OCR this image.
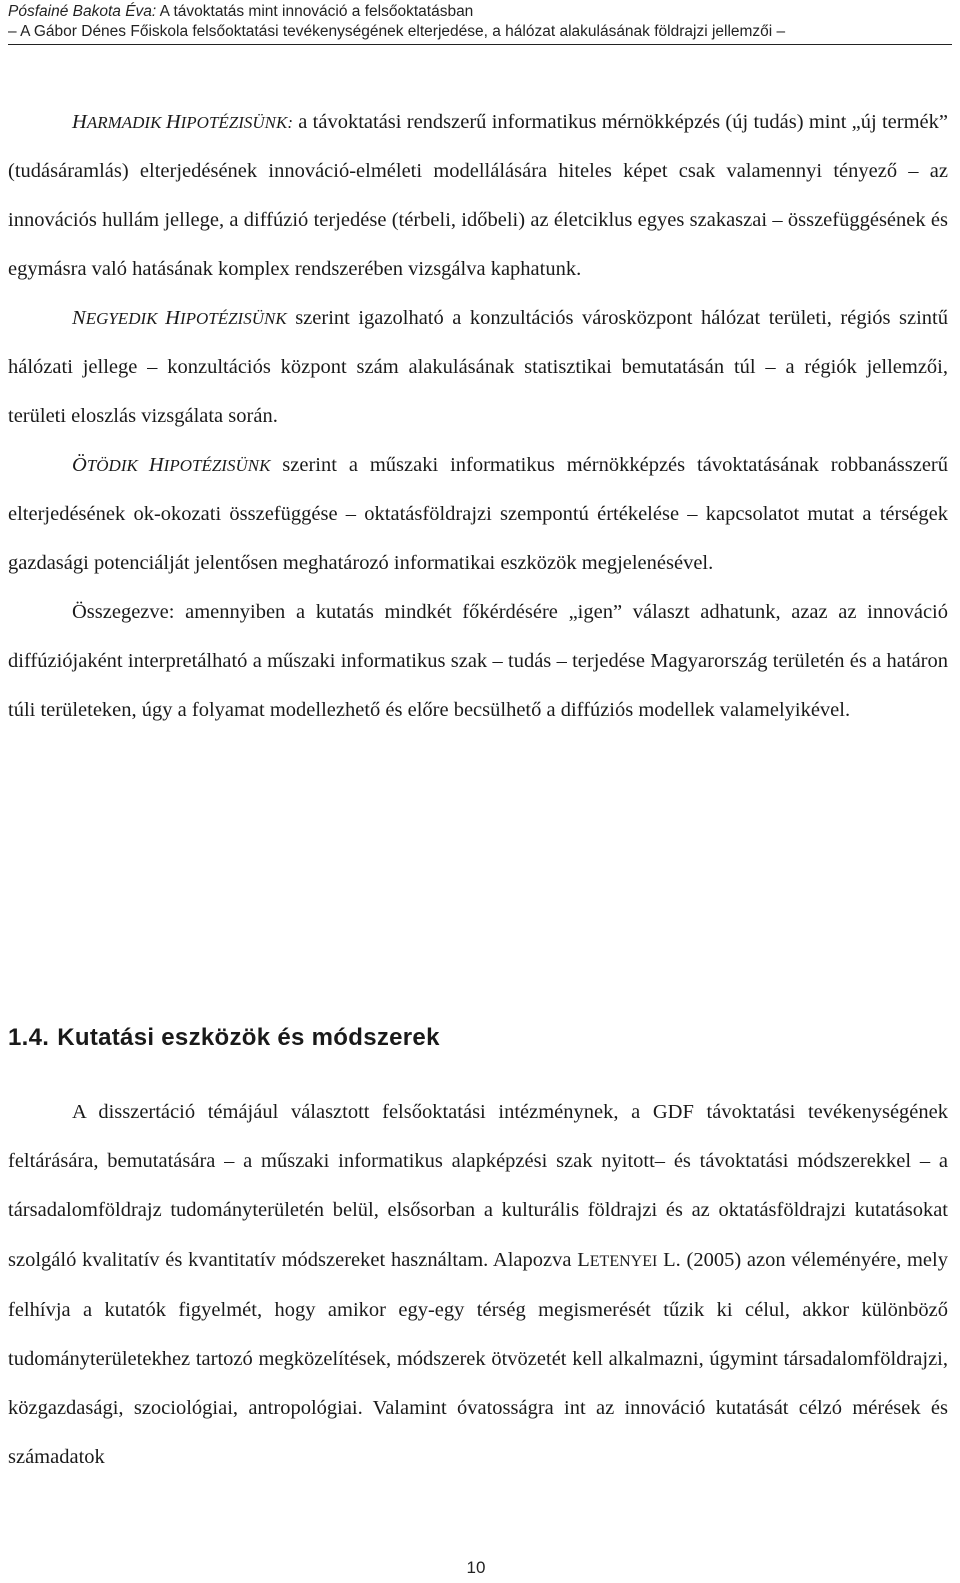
Pósfainé Bakota Éva: A távoktatás mint innováció a felsőoktatásban
– A Gábor Dénes Főiskola felsőoktatási tevékenységének elterjedése, a hálózat alakulásának földrajzi jellemzői –

HARMADIK HIPOTÉZISÜNK: a távoktatási rendszerű informatikus mérnökképzés (új tudás) mint „új termék” (tudásáramlás) elterjedésének innováció-elméleti modellálására hiteles képet csak valamennyi tényező – az innovációs hullám jellege, a diffúzió terjedése (térbeli, időbeli) az életciklus egyes szakaszai – összefüggésének és egymásra való hatásának komplex rendszerében vizsgálva kaphatunk.

NEGYEDIK HIPOTÉZISÜNK szerint igazolható a konzultációs városközpont hálózat területi, régiós szintű hálózati jellege – konzultációs központ szám alakulásának statisztikai bemutatásán túl – a régiók jellemzői, területi eloszlás vizsgálata során.

ÖTÖDIK HIPOTÉZISÜNK szerint a műszaki informatikus mérnökképzés távoktatásának robbanásszerű elterjedésének ok-okozati összefüggése – oktatásföldrajzi szempontú értékelése – kapcsolatot mutat a térségek gazdasági potenciálját jelentősen meghatározó informatikai eszközök megjelenésével.

Összegezve: amennyiben a kutatás mindkét főkérdésére „igen” választ adhatunk, azaz az innováció diffúziójaként interpretálható a műszaki informatikus szak – tudás – terjedése Magyarország területén és a határon túli területeken, úgy a folyamat modellezhető és előre becsülhető a diffúziós modellek valamelyikével.

1.4. Kutatási eszközök és módszerek

A disszertáció témájául választott felsőoktatási intézménynek, a GDF távoktatási tevékenységének feltárására, bemutatására – a műszaki informatikus alapképzési szak nyitott– és távoktatási módszerekkel – a társadalomföldrajz tudományterületén belül, elsősorban a kulturális földrajzi és az oktatásföldrajzi kutatásokat szolgáló kvalitatív és kvantitatív módszereket használtam. Alapozva LETENYEI L. (2005) azon véleményére, mely felhívja a kutatók figyelmét, hogy amikor egy-egy térség megismerését tűzik ki célul, akkor különböző tudományterületekhez tartozó megközelítések, módszerek ötvözetét kell alkalmazni, úgymint társadalomföldrajzi, közgazdasági, szociológiai, antropológiai. Valamint óvatosságra int az innováció kutatását célzó mérések és számadatok

10
